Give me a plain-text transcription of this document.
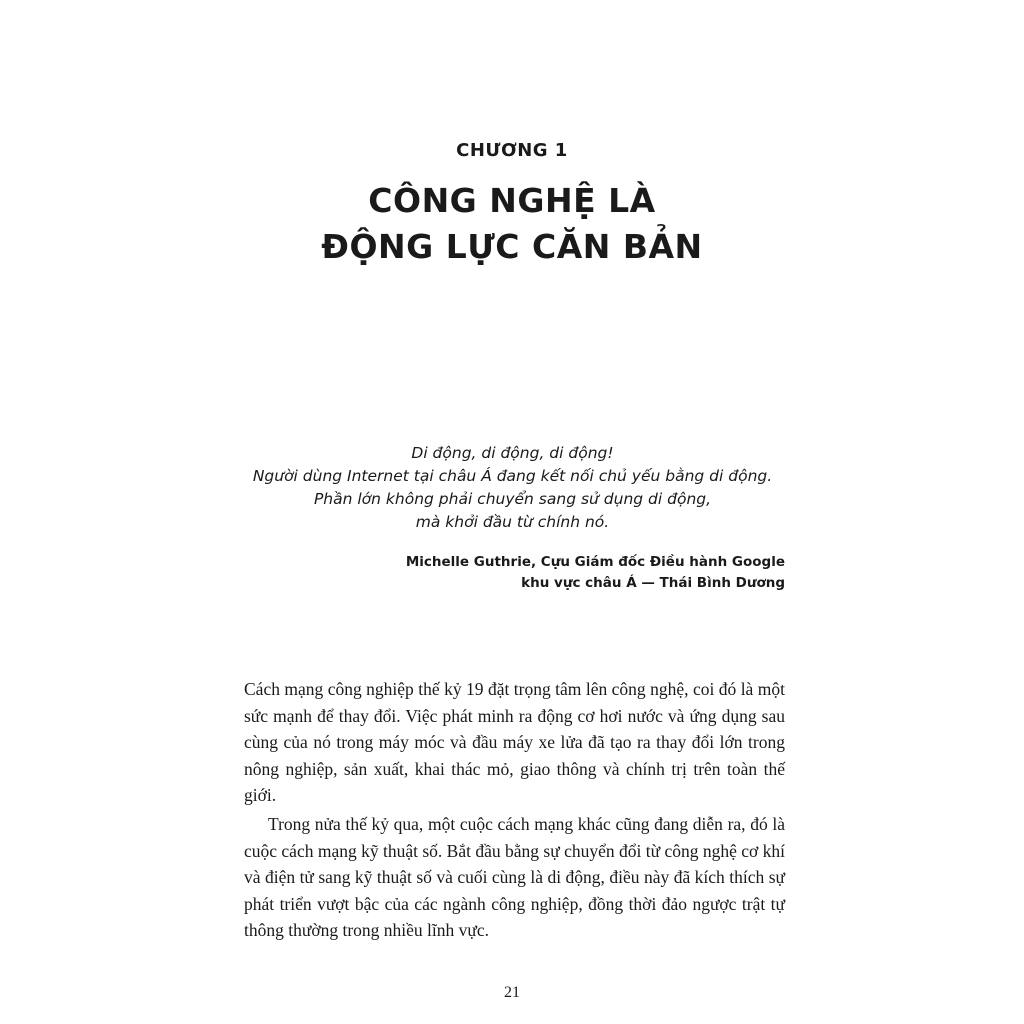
CHƯƠNG 1
CÔNG NGHỆ LÀ
ĐỘNG LỰC CĂN BẢN
Di động, di động, di động!
Người dùng Internet tại châu Á đang kết nối chủ yếu bằng di động.
Phần lớn không phải chuyển sang sử dụng di động,
mà khởi đầu từ chính nó.
Michelle Guthrie, Cựu Giám đốc Điều hành Google
khu vực châu Á — Thái Bình Dương

Cách mạng công nghiệp thế kỷ 19 đặt trọng tâm lên công nghệ, coi đó là một sức mạnh để thay đổi. Việc phát minh ra động cơ hơi nước và ứng dụng sau cùng của nó trong máy móc và đầu máy xe lửa đã tạo ra thay đổi lớn trong nông nghiệp, sản xuất, khai thác mỏ, giao thông và chính trị trên toàn thế giới.

Trong nửa thế kỷ qua, một cuộc cách mạng khác cũng đang diễn ra, đó là cuộc cách mạng kỹ thuật số. Bắt đầu bằng sự chuyển đổi từ công nghệ cơ khí và điện tử sang kỹ thuật số và cuối cùng là di động, điều này đã kích thích sự phát triển vượt bậc của các ngành công nghiệp, đồng thời đảo ngược trật tự thông thường trong nhiều lĩnh vực.

21
